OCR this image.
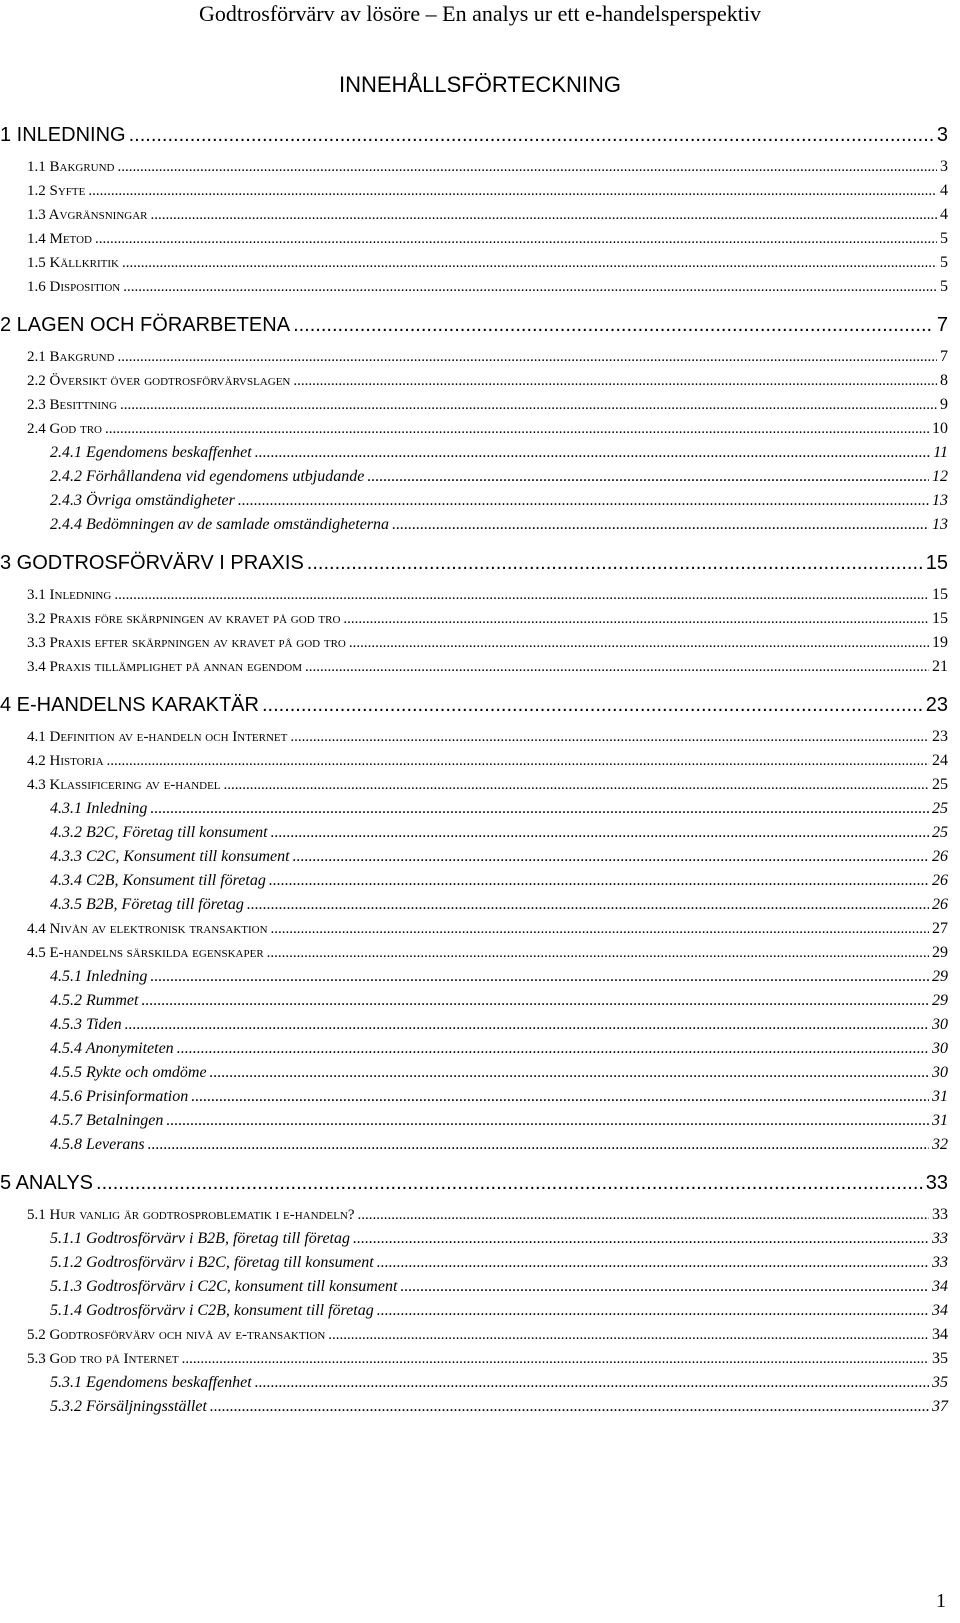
Godtrosförvärv av lösöre – En analys ur ett e-handelsperspektiv
INNEHÅLLSFÖRTECKNING
1 INLEDNING .....	3
1.1 Bakgrund .....	3
1.2 Syfte .....	4
1.3 Avgränsningar .....	4
1.4 Metod .....	5
1.5 Källkritik .....	5
1.6 Disposition .....	5
2 LAGEN OCH FÖRARBETENA .....	7
2.1 Bakgrund .....	7
2.2 Översikt över godtrosförvärvslagen .....	8
2.3 Besittning .....	9
2.4 God tro .....	10
2.4.1 Egendomens beskaffenhet .....	11
2.4.2 Förhållandena vid egendomens utbjudande .....	12
2.4.3 Övriga omständigheter .....	13
2.4.4 Bedömningen av de samlade omständigheterna .....	13
3 GODTROSFÖRVÄRV I PRAXIS .....	15
3.1 Inledning .....	15
3.2 Praxis före skärpningen av kravet på god tro .....	15
3.3 Praxis efter skärpningen av kravet på god tro .....	19
3.4 Praxis tillämplighet på annan egendom .....	21
4 E-HANDELNS KARAKTÄR .....	23
4.1 Definition av e-handeln och Internet .....	23
4.2 Historia .....	24
4.3 Klassificering av e-handel .....	25
4.3.1 Inledning .....	25
4.3.2 B2C, Företag till konsument .....	25
4.3.3 C2C, Konsument till konsument .....	26
4.3.4 C2B, Konsument till företag .....	26
4.3.5 B2B, Företag till företag .....	26
4.4 Nivån av elektronisk transaktion .....	27
4.5 E-handelns särskilda egenskaper .....	29
4.5.1 Inledning .....	29
4.5.2 Rummet .....	29
4.5.3 Tiden .....	30
4.5.4 Anonymiteten .....	30
4.5.5 Rykte och omdöme .....	30
4.5.6 Prisinformation .....	31
4.5.7 Betalningen .....	31
4.5.8 Leverans .....	32
5 ANALYS .....	33
5.1 Hur vanlig är godtrosproblematik i e-handeln? .....	33
5.1.1 Godtrosförvärv i B2B, företag till företag .....	33
5.1.2 Godtrosförvärv i B2C, företag till konsument .....	33
5.1.3 Godtrosförvärv i C2C, konsument till konsument .....	34
5.1.4 Godtrosförvärv i C2B, konsument till företag .....	34
5.2 Godtrosförvärv och nivå av e-transaktion .....	34
5.3 God tro på Internet .....	35
5.3.1 Egendomens beskaffenhet .....	35
5.3.2 Försäljningsstället .....	37
1
